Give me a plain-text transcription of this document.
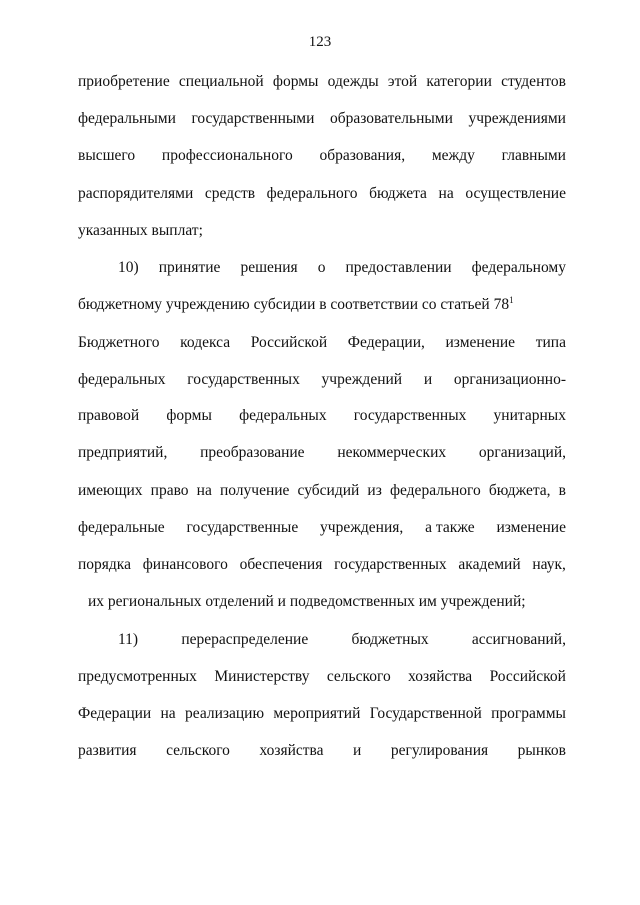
123
приобретение специальной формы одежды этой категории студентов
федеральными государственными образовательными учреждениями
высшего профессионального образования, между главными
распорядителями средств федерального бюджета на осуществление
указанных выплат;
10) принятие решения о предоставлении федеральному
бюджетному учреждению субсидии в соответствии со статьей $78^1$
Бюджетного кодекса Российской Федерации, изменение типа
федеральных государственных учреждений и организационно-
правовой формы федеральных государственных унитарных
предприятий, преобразование некоммерческих организаций,
имеющих право на получение субсидий из федерального бюджета, в
федеральные государственные учреждения, а также изменение
порядка финансового обеспечения государственных академий наук,
их региональных отделений и подведомственных им учреждений;
11)	перераспределение	бюджетных	ассигнований,
предусмотренных Министерству сельского хозяйства Российской
Федерации на реализацию мероприятий Государственной программы
развития сельского хозяйства и регулирования рынков
